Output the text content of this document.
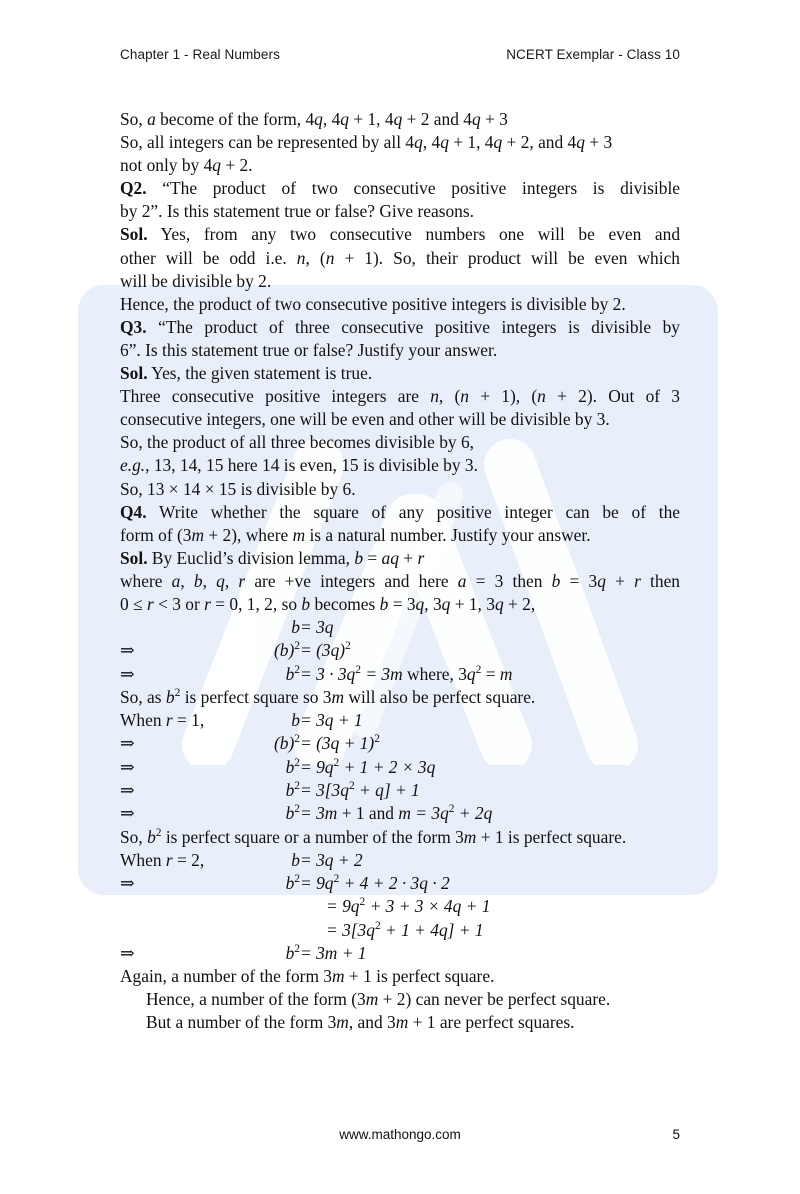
Chapter 1 - Real Numbers	NCERT Exemplar - Class 10
So, a become of the form, 4q, 4q + 1, 4q + 2 and 4q + 3
So, all integers can be represented by all 4q, 4q + 1, 4q + 2, and 4q + 3
not only by 4q + 2.
Q2. “The product of two consecutive positive integers is divisible
by 2”. Is this statement true or false? Give reasons.
Sol. Yes, from any two consecutive numbers one will be even and
other will be odd i.e. n, (n + 1). So, their product will be even which
will be divisible by 2.
Hence, the product of two consecutive positive integers is divisible by 2.
Q3. “The product of three consecutive positive integers is divisible by
6”. Is this statement true or false? Justify your answer.
Sol. Yes, the given statement is true.
Three consecutive positive integers are n, (n + 1), (n + 2). Out of 3
consecutive integers, one will be even and other will be divisible by 3.
So, the product of all three becomes divisible by 6,
e.g., 13, 14, 15 here 14 is even, 15 is divisible by 3.
So, 13 × 14 × 15 is divisible by 6.
Q4. Write whether the square of any positive integer can be of the
form of (3m + 2), where m is a natural number. Justify your answer.
Sol. By Euclid’s division lemma, b = aq + r
where a, b, q, r are +ve integers and here a = 3 then b = 3q + r then
0 ≤ r < 3 or r = 0, 1, 2, so b becomes b = 3q, 3q + 1, 3q + 2,
b = 3q
⇒	$(b)^2 = (3q)^2$
⇒	$b^2 = 3 \cdot 3q^2 = 3m$ where, $3q^2 = m$
So, as $b^2$ is perfect square so 3m will also be perfect square.
When r = 1,	b = 3q + 1
⇒	$(b)^2 = (3q + 1)^2$
⇒	$b^2 = 9q^2 + 1 + 2 \times 3q$
⇒	$b^2 = 3[3q^2 + q] + 1$
⇒	$b^2 = 3m + 1$ and $m = 3q^2 + 2q$
So, $b^2$ is perfect square or a number of the form 3m + 1 is perfect square.
When r = 2,	b = 3q + 2
⇒	$b^2 = 9q^2 + 4 + 2 \cdot 3q \cdot 2$
= $9q^2 + 3 + 3 \times 4q + 1$
= $3[3q^2 + 1 + 4q] + 1$
⇒	$b^2 = 3m + 1$
Again, a number of the form 3m + 1 is perfect square.
Hence, a number of the form (3m + 2) can never be perfect square.
But a number of the form 3m, and 3m + 1 are perfect squares.
www.mathongo.com	5
